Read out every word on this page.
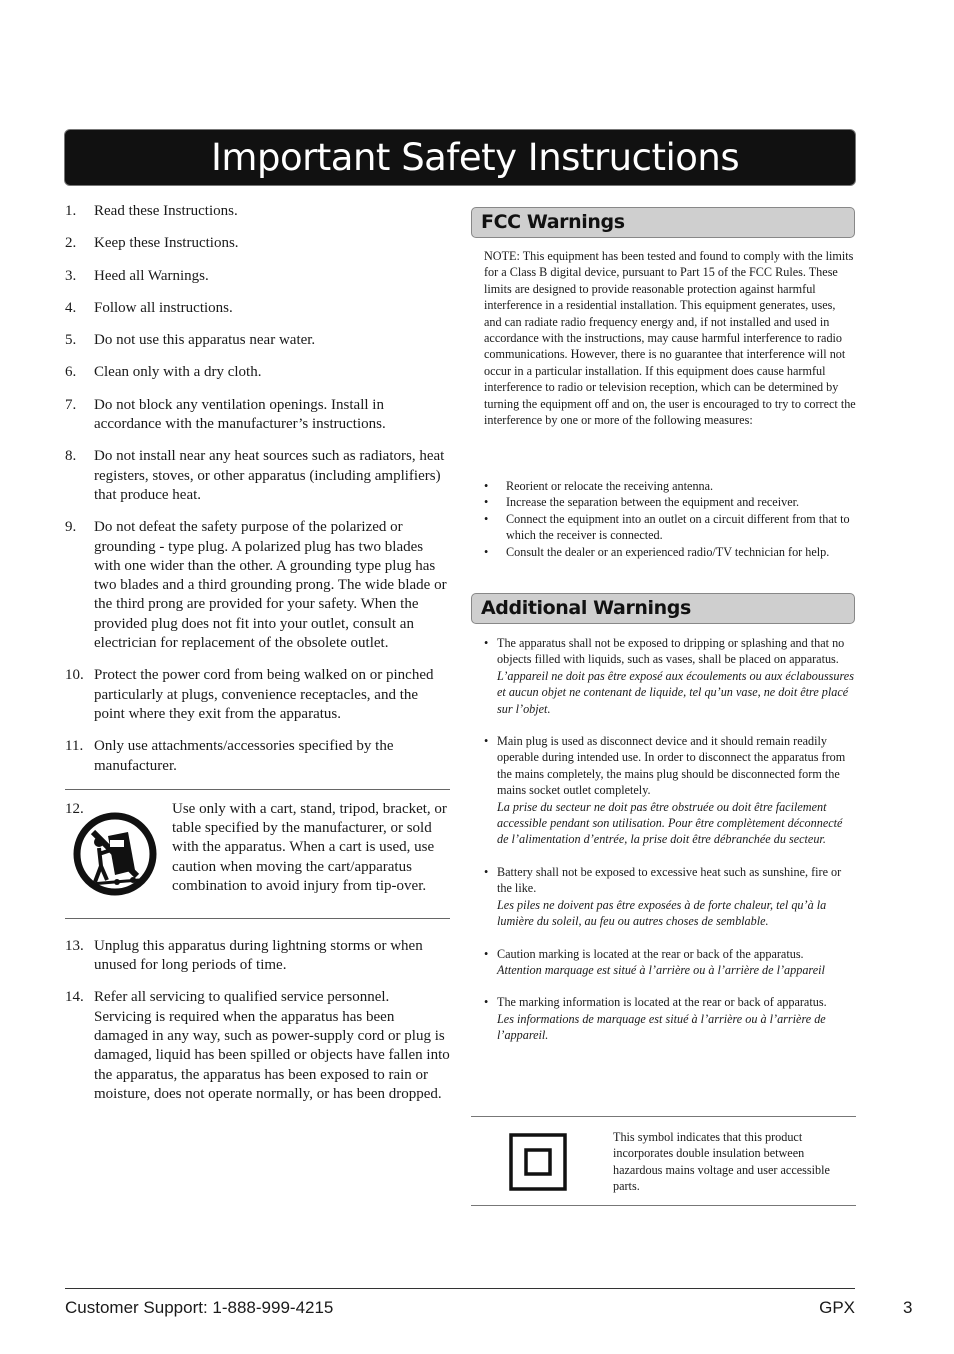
Important Safety Instructions
1.	Read these Instructions.
2.	Keep these Instructions.
3.	Heed all Warnings.
4.	Follow all instructions.
5.	Do not use this apparatus near water.
6.	Clean only with a dry cloth.
7.	Do not block any ventilation openings. Install in accordance with the manufacturer’s instructions.
8.	Do not install near any heat sources such as radiators, heat registers, stoves, or other apparatus (including amplifiers) that produce heat.
9.	Do not defeat the safety purpose of the polarized or grounding - type plug. A polarized plug has two blades with one wider than the other. A grounding type plug has two blades and a third grounding prong. The wide blade or the third prong are provided for your safety. When the provided plug does not fit into your outlet, consult an electrician for replacement of the obsolete outlet.
10. Protect the power cord from being walked on or pinched particularly at plugs, convenience receptacles, and the point where they exit from the apparatus.
11. Only use attachments/accessories specified by the manufacturer.
12.	Use only with a cart, stand, tripod, bracket, or table specified by the manufacturer, or sold with the apparatus. When a cart is used, use caution when moving the cart/apparatus combination to avoid injury from tip-over.
13. Unplug this apparatus during lightning storms or when unused for long periods of time.
14. Refer all servicing to qualified service personnel. Servicing is required when the apparatus has been damaged in any way, such as power-supply cord or plug is damaged, liquid has been spilled or objects have fallen into the apparatus, the apparatus has been exposed to rain or moisture, does not operate normally, or has been dropped.
FCC Warnings
NOTE: This equipment has been tested and found to comply with the limits for a Class B digital device, pursuant to Part 15 of the FCC Rules. These limits are designed to provide reasonable protection against harmful interference in a residential installation. This equipment generates, uses, and can radiate radio frequency energy and, if not installed and used in accordance with the instructions, may cause harmful interference to radio communications. However, there is no guarantee that interference will not occur in a particular installation. If this equipment does cause harmful interference to radio or television reception, which can be determined by turning the equipment off and on, the user is encouraged to try to correct the interference by one or more of the following measures:
•	Reorient or relocate the receiving antenna.
•	Increase the separation between the equipment and receiver.
•	Connect the equipment into an outlet on a circuit different from that to which the receiver is connected.
•	Consult the dealer or an experienced radio/TV technician for help.
Additional Warnings
• The apparatus shall not be exposed to dripping or splashing and that no objects filled with liquids, such as vases, shall be placed on apparatus.
L’appareil ne doit pas être exposé aux écoulements ou aux éclaboussures et aucun objet ne contenant de liquide, tel qu’un vase, ne doit être placé sur l’objet.
• Main plug is used as disconnect device and it should remain readily operable during intended use. In order to disconnect the apparatus from the mains completely, the mains plug should be disconnected form the mains socket outlet completely.
La prise du secteur ne doit pas être obstruée ou doit être facilement accessible pendant son utilisation. Pour être complètement déconnecté de l’alimentation d’entrée, la prise doit être débranchée du secteur.
• Battery shall not be exposed to excessive heat such as sunshine, fire or the like.
Les piles ne doivent pas être exposées à de forte chaleur, tel qu’à la lumière du soleil, au feu ou autres choses de semblable.
• Caution marking is located at the rear or back of the apparatus.
Attention marquage est situé à l’arrière ou à l’arrière de l’appareil
• The marking information is located at the rear or back of apparatus.
Les informations de marquage est situé à l’arrière ou à l’arrière de l’appareil.
This symbol indicates that this product incorporates double insulation between hazardous mains voltage and user accessible parts.
Customer Support: 1-888-999-4215	GPX	3
